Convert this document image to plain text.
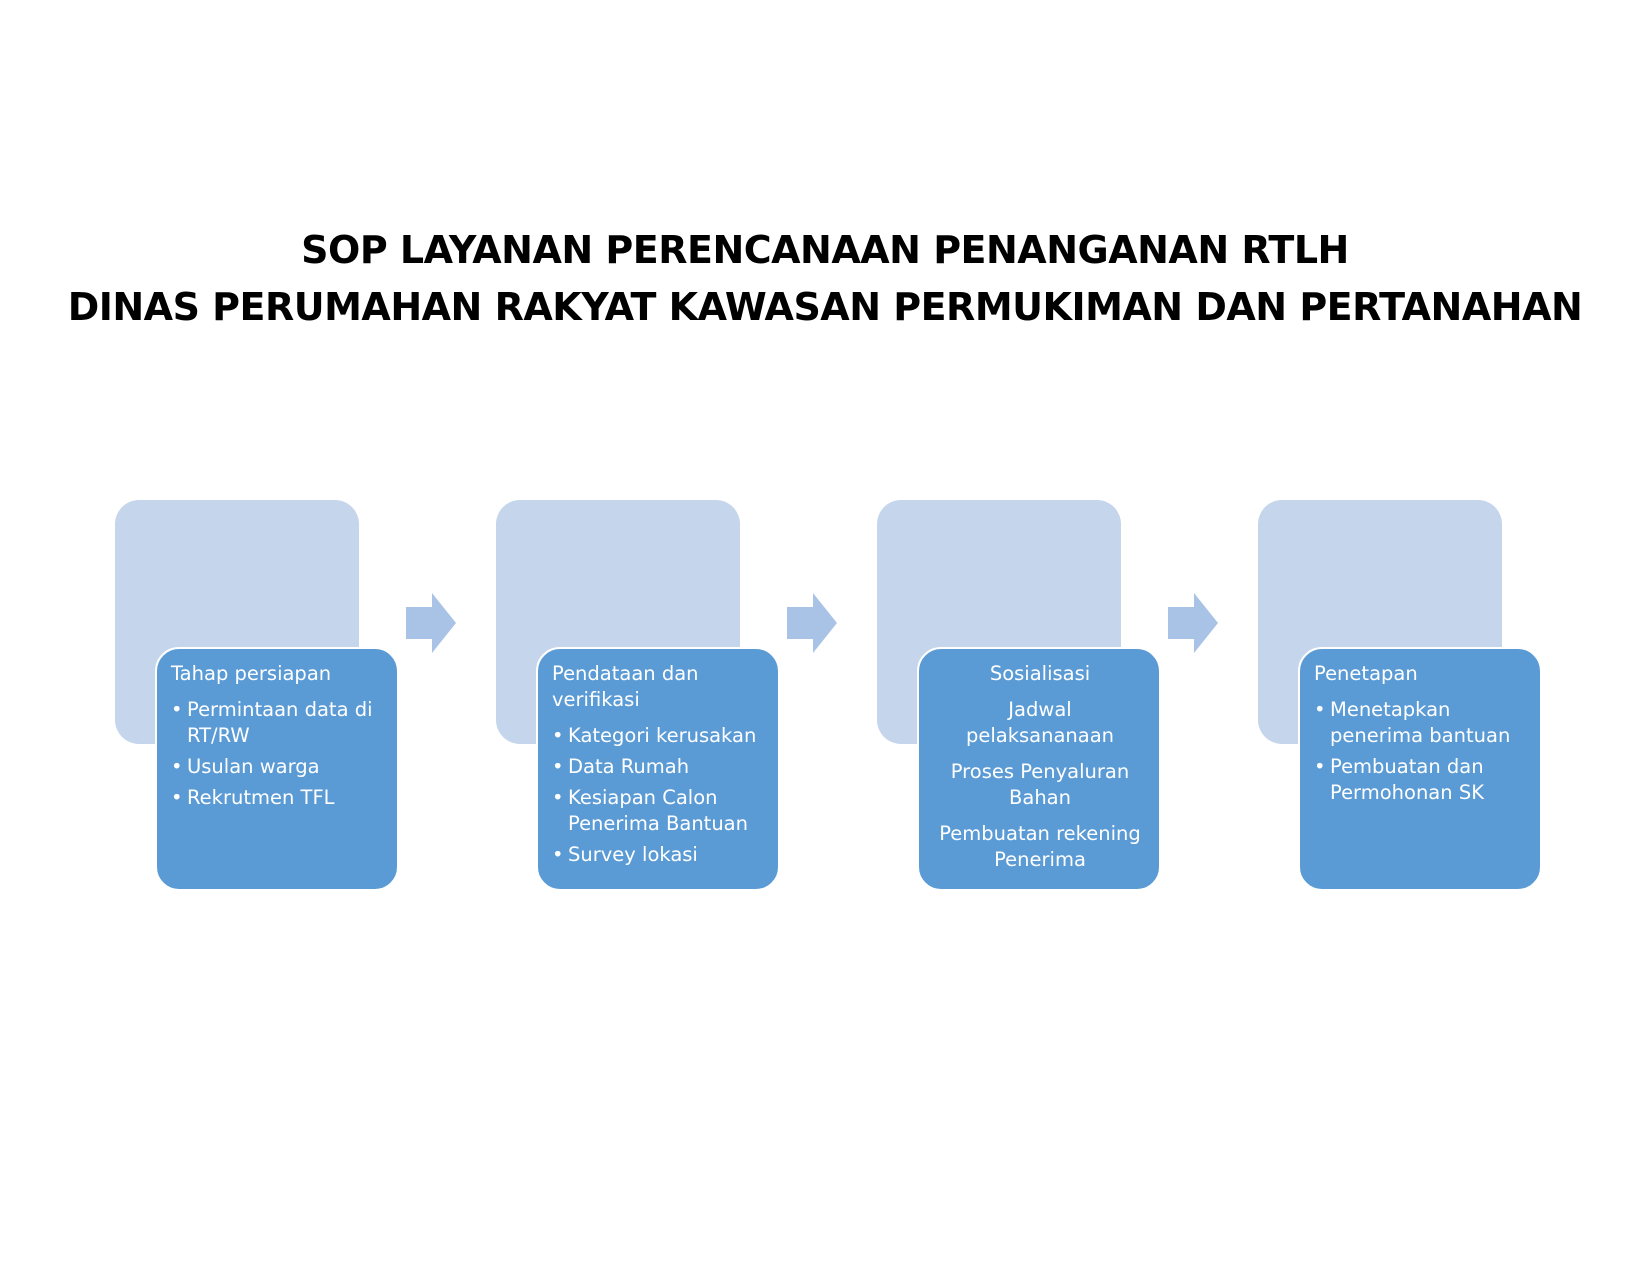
SOP LAYANAN PERENCANAAN PENANGANAN RTLH
DINAS PERUMAHAN RAKYAT KAWASAN PERMUKIMAN DAN PERTANAHAN
Tahap persiapan
• Permintaan data di RT/RW
• Usulan warga
• Rekrutmen TFL
Pendataan dan verifikasi
• Kategori kerusakan
• Data Rumah
• Kesiapan Calon Penerima Bantuan
• Survey lokasi
Sosialisasi
Jadwal pelaksananaan
Proses Penyaluran Bahan
Pembuatan rekening Penerima
Penetapan
• Menetapkan penerima bantuan
• Pembuatan dan Permohonan SK
